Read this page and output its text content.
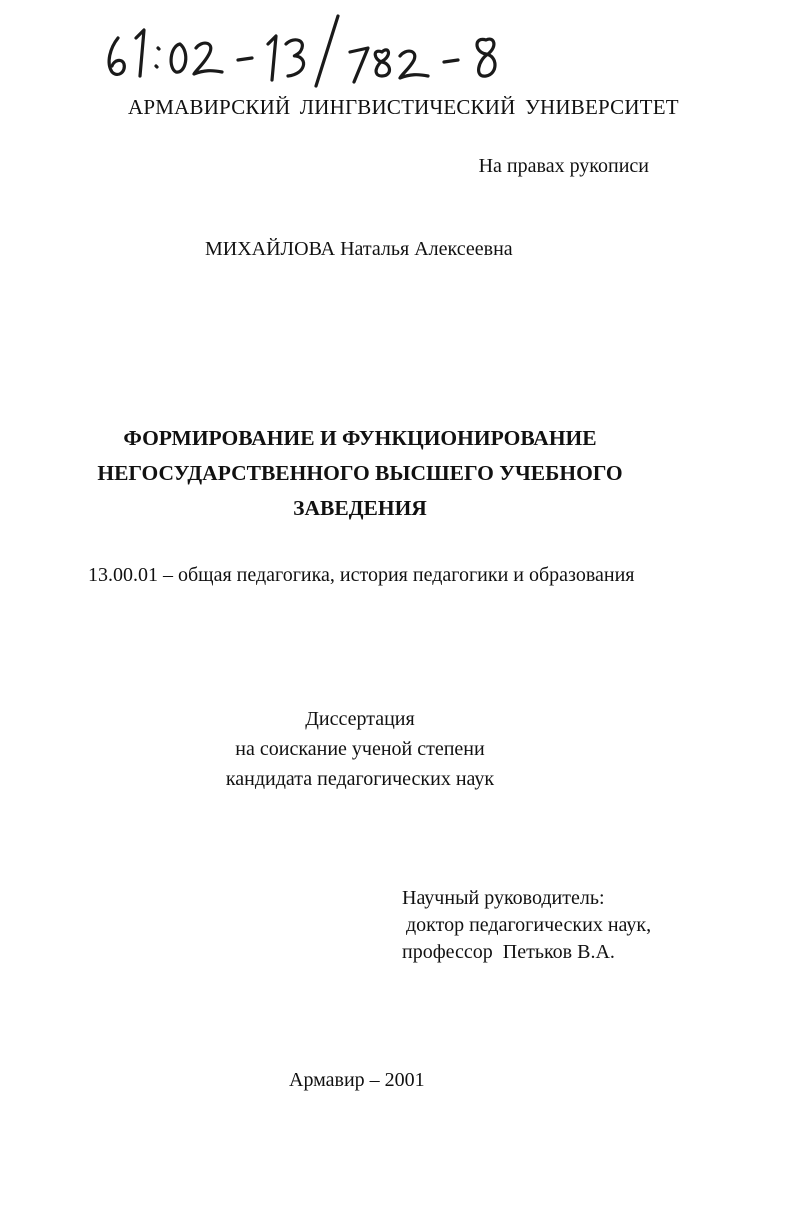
АРМАВИРСКИЙ ЛИНГВИСТИЧЕСКИЙ УНИВЕРСИТЕТ
На правах рукописи
МИХАЙЛОВА Наталья Алексеевна
ФОРМИРОВАНИЕ И ФУНКЦИОНИРОВАНИЕ
НЕГОСУДАРСТВЕННОГО ВЫСШЕГО УЧЕБНОГО
ЗАВЕДЕНИЯ
13.00.01 – общая педагогика, история педагогики и образования
Диссертация
на соискание ученой степени
кандидата педагогических наук
Научный руководитель:
доктор педагогических наук,
профессор  Петьков В.А.
Армавир – 2001
